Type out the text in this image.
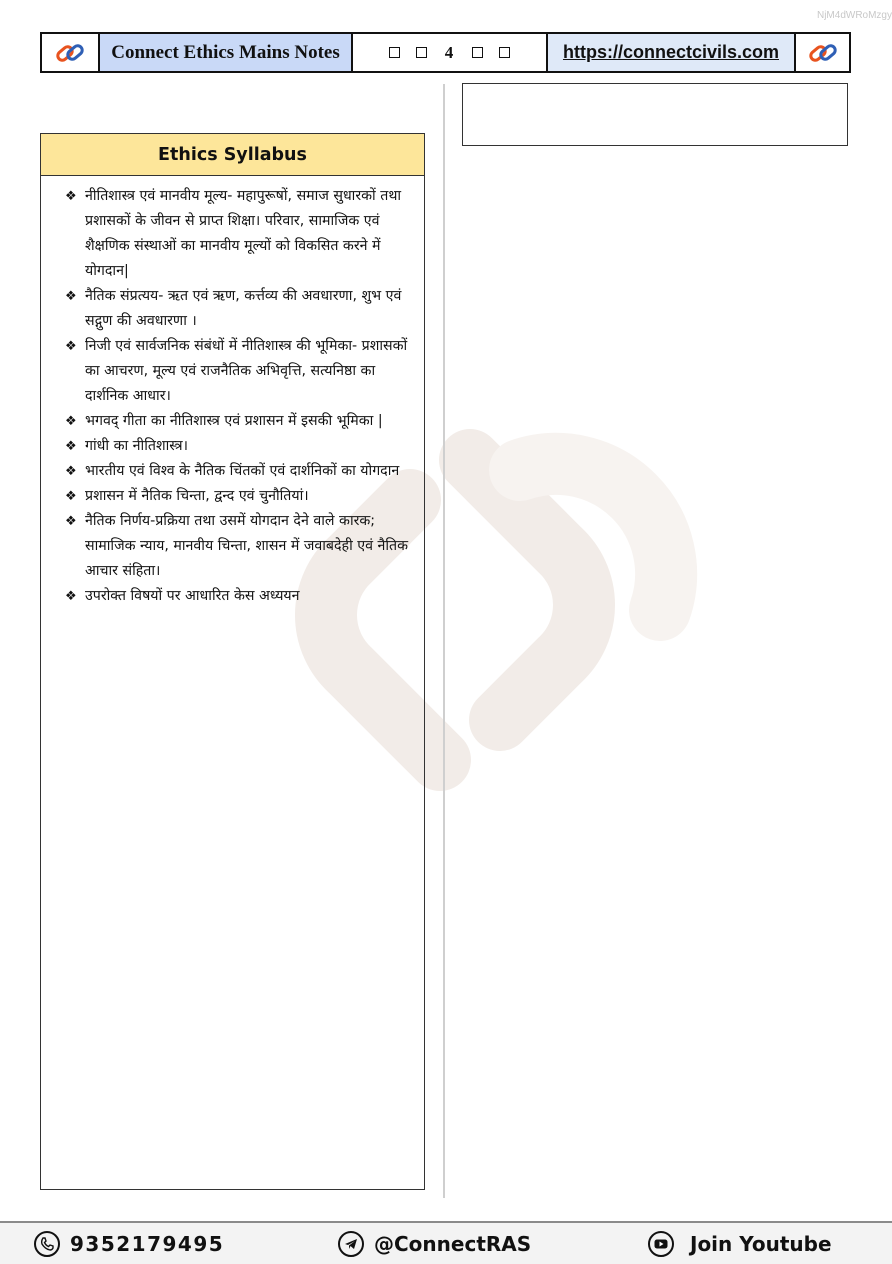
NjM4dWRoMzgy
Connect Ethics Mains Notes	4	https://connectcivils.com
Ethics Syllabus
❖ नीतिशास्त्र एवं मानवीय मूल्य- महापुरूषों, समाज सुधारकों तथा प्रशासकों के जीवन से प्राप्त शिक्षा। परिवार, सामाजिक एवं शैक्षणिक संस्थाओं का मानवीय मूल्यों को विकसित करने में योगदान|
❖ नैतिक संप्रत्यय- ऋत एवं ऋण, कर्त्तव्य की अवधारणा, शुभ एवं सद्गुण की अवधारणा ।
❖ निजी एवं सार्वजनिक संबंधों में नीतिशास्त्र की भूमिका- प्रशासकों का आचरण, मूल्य एवं राजनैतिक अभिवृत्ति, सत्यनिष्ठा का दार्शनिक आधार।
❖ भगवद् गीता का नीतिशास्त्र एवं प्रशासन में इसकी भूमिका |
❖ गांधी का नीतिशास्त्र।
❖ भारतीय एवं विश्व के नैतिक चिंतकों एवं दार्शनिकों का योगदान
❖ प्रशासन में नैतिक चिन्ता, द्वन्द एवं चुनौतियां।
❖ नैतिक निर्णय-प्रक्रिया तथा उसमें योगदान देने वाले कारक; सामाजिक न्याय, मानवीय चिन्ता, शासन में जवाबदेही एवं नैतिक आचार संहिता।
❖ उपरोक्त विषयों पर आधारित केस अध्ययन
9352179495	@ConnectRAS	Join Youtube
